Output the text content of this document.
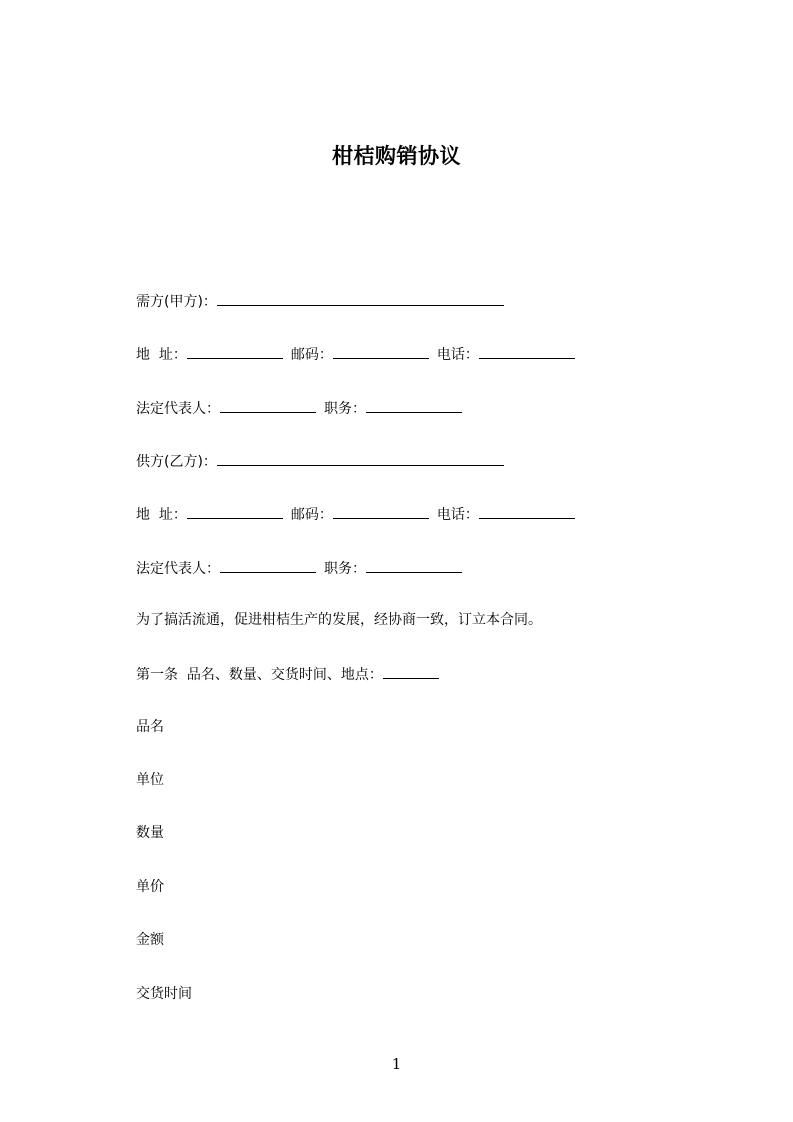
柑桔购销协议
需方(甲方)：
地  址：	邮码：	电话：
法定代表人：	职务：
供方(乙方)：
地  址：	邮码：	电话：
法定代表人：	职务：
为了搞活流通，促进柑桔生产的发展，经协商一致，订立本合同。
第一条  品名、数量、交货时间、地点：
品名
单位
数量
单价
金额
交货时间
1
